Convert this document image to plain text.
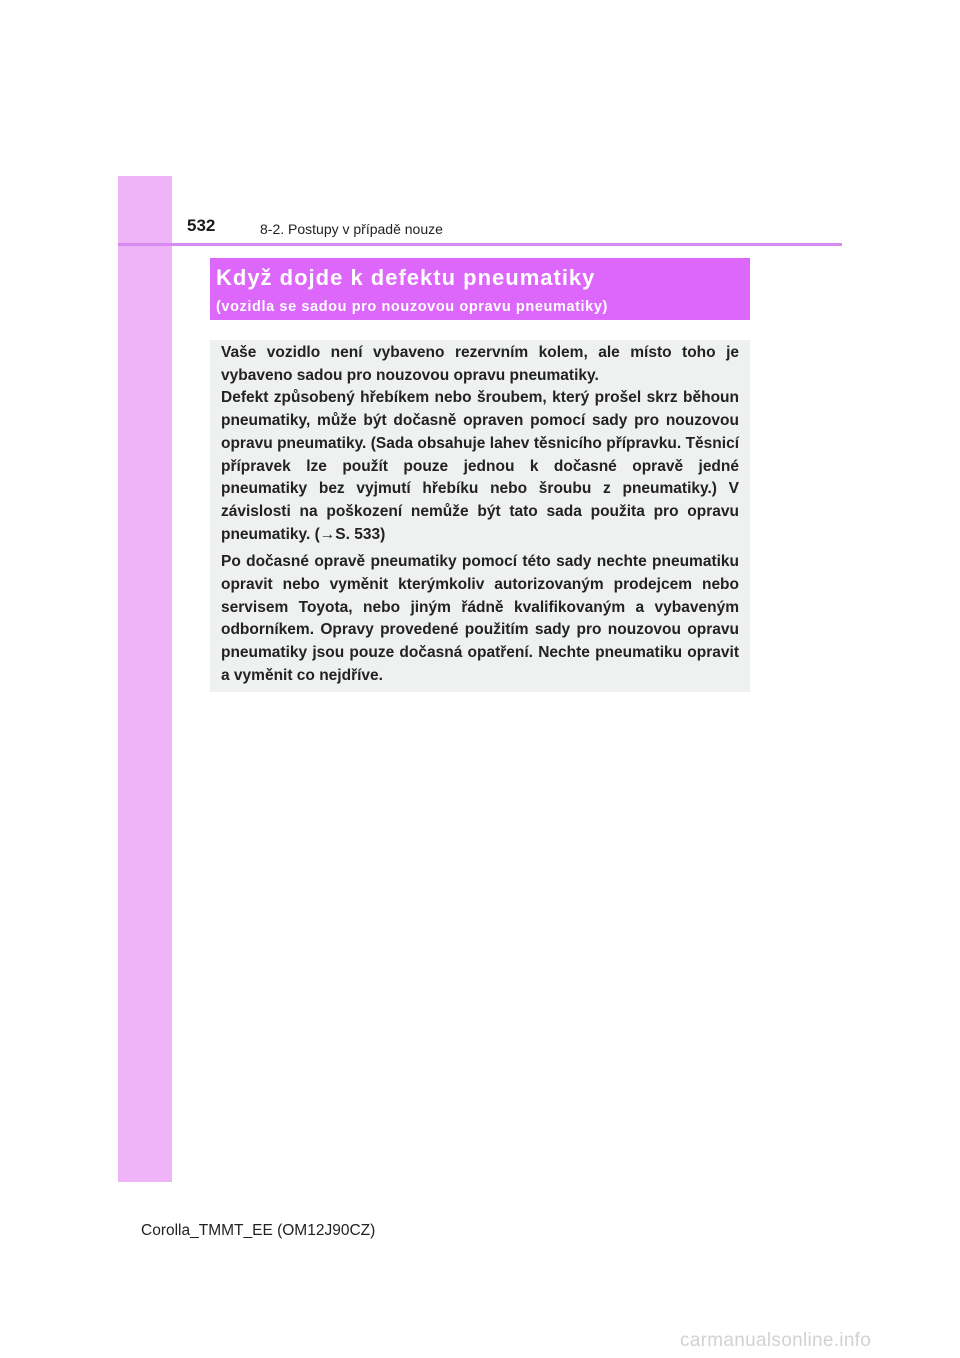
532	8-2. Postupy v případě nouze
Když dojde k defektu pneumatiky
(vozidla se sadou pro nouzovou opravu pneumatiky)

Vaše vozidlo není vybaveno rezervním kolem, ale místo toho je vybaveno sadou pro nouzovou opravu pneumatiky.

Defekt způsobený hřebíkem nebo šroubem, který prošel skrz běhoun pneumatiky, může být dočasně opraven pomocí sady pro nouzovou opravu pneumatiky. (Sada obsahuje lahev těsnicího přípravku. Těsnicí přípravek lze použít pouze jednou k dočasné opravě jedné pneumatiky bez vyjmutí hřebíku nebo šroubu z pneumatiky.) V závislosti na poškození nemůže být tato sada použita pro opravu pneumatiky. (→S. 533)

Po dočasné opravě pneumatiky pomocí této sady nechte pneumatiku opravit nebo vyměnit kterýmkoliv autorizovaným prodejcem nebo servisem Toyota, nebo jiným řádně kvalifikovaným a vybaveným odborníkem. Opravy provedené použitím sady pro nouzovou opravu pneumatiky jsou pouze dočasná opatření. Nechte pneumatiku opravit a vyměnit co nejdříve.

Corolla_TMMT_EE (OM12J90CZ)
carmanualsonline.info
